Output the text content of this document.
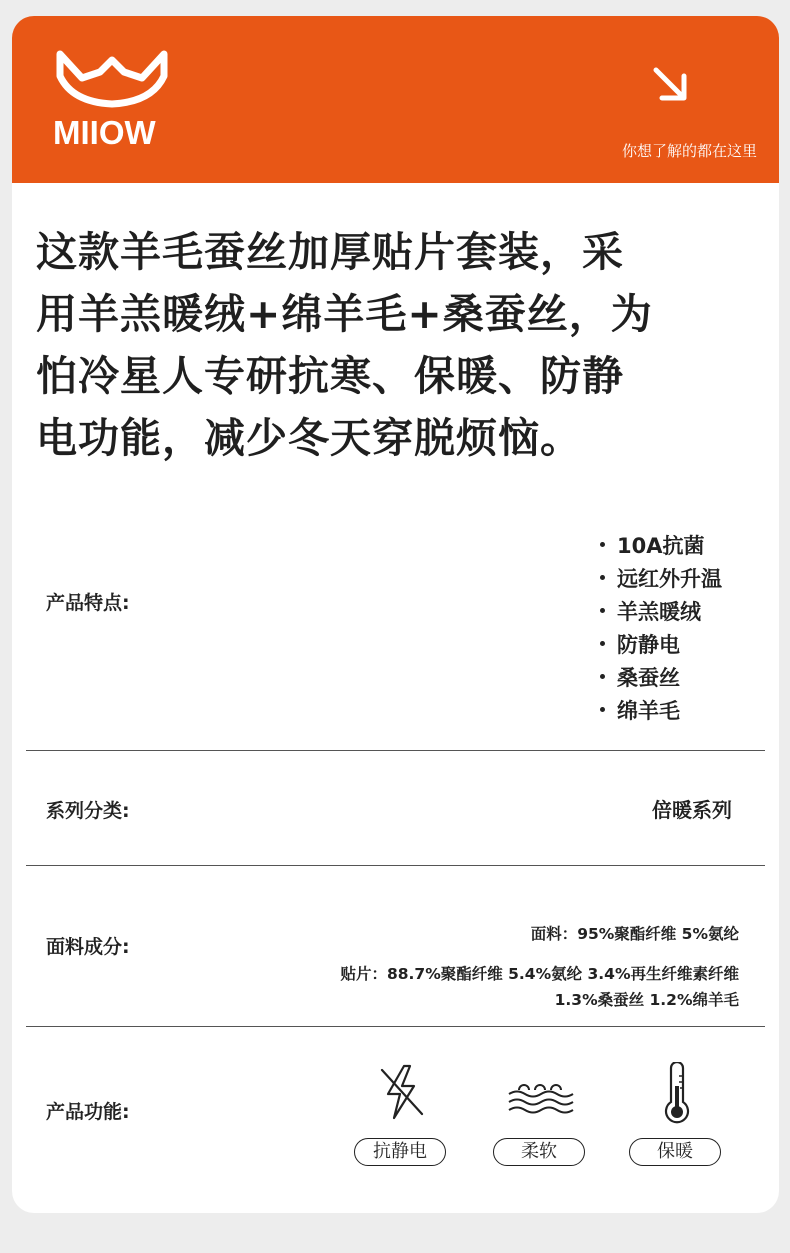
MIIOW	你想了解的都在这里
这款羊毛蚕丝加厚贴片套装，采
用羊羔暖绒+绵羊毛+桑蚕丝，为
怕冷星人专研抗寒、保暖、防静
电功能，减少冬天穿脱烦恼。
产品特点:
10A抗菌
远红外升温
羊羔暖绒
防静电
桑蚕丝
绵羊毛
系列分类:	倍暖系列
面料成分:
面料：95%聚酯纤维 5%氨纶
贴片：88.7%聚酯纤维 5.4%氨纶 3.4%再生纤维素纤维
1.3%桑蚕丝 1.2%绵羊毛
产品功能:
抗静电	柔软	保暖
